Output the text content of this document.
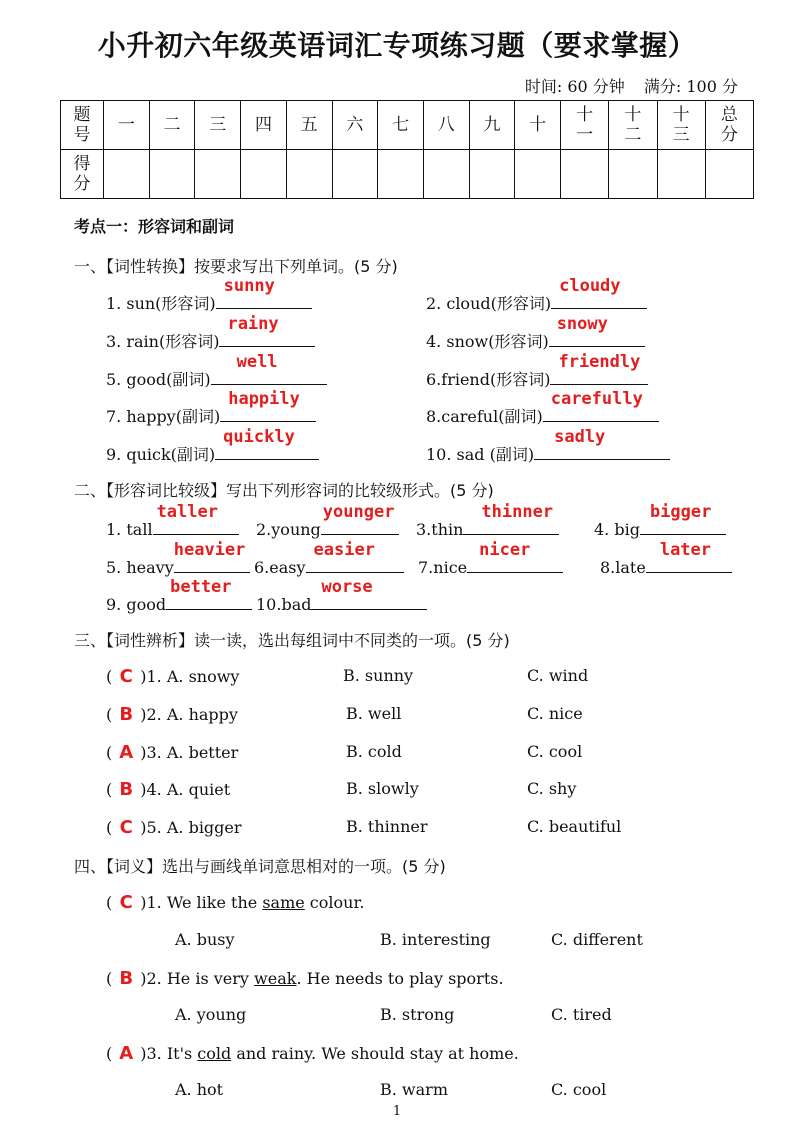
小升初六年级英语词汇专项练习题（要求掌握）
时间: 60 分钟 满分: 100 分
题号	一	二	三	四	五	六	七	八	九	十	十一	十二	十三	总分
得分														
考点一：形容词和副词
一、【词性转换】按要求写出下列单词。(5 分)
1. sun(形容词)
sunny
2. cloud(形容词)
cloudy
3. rain(形容词)
rainy
4. snow(形容词)
snowy
5. good(副词)
well
6.friend(形容词)
friendly
7. happy(副词)
happily
8.careful(副词)
carefully
9. quick(副词)
quickly
10. sad (副词)
sadly
二、【形容词比较级】写出下列形容词的比较级形式。(5 分)
1. tall
taller
2.young
younger
3.thin
thinner
4. big
bigger
5. heavy
heavier
6.easy
easier
7.nice
nicer
8.late
later
9. good
better
10.bad
worse
三、【词性辨析】读一读，选出每组词中不同类的一项。(5 分)
( C )1. A. snowy	B. sunny	C. wind
( B )2. A. happy	B. well	C. nice
( A )3. A. better	B. cold	C. cool
( B )4. A. quiet	B. slowly	C. shy
( C )5. A. bigger	B. thinner	C. beautiful
四、【词义】选出与画线单词意思相对的一项。(5 分)
( C )1. We like the same colour.
A. busy	B. interesting	C. different
( B )2. He is very weak. He needs to play sports.
A. young	B. strong	C. tired
( A )3. It's cold and rainy. We should stay at home.
A. hot	B. warm	C. cool
1
